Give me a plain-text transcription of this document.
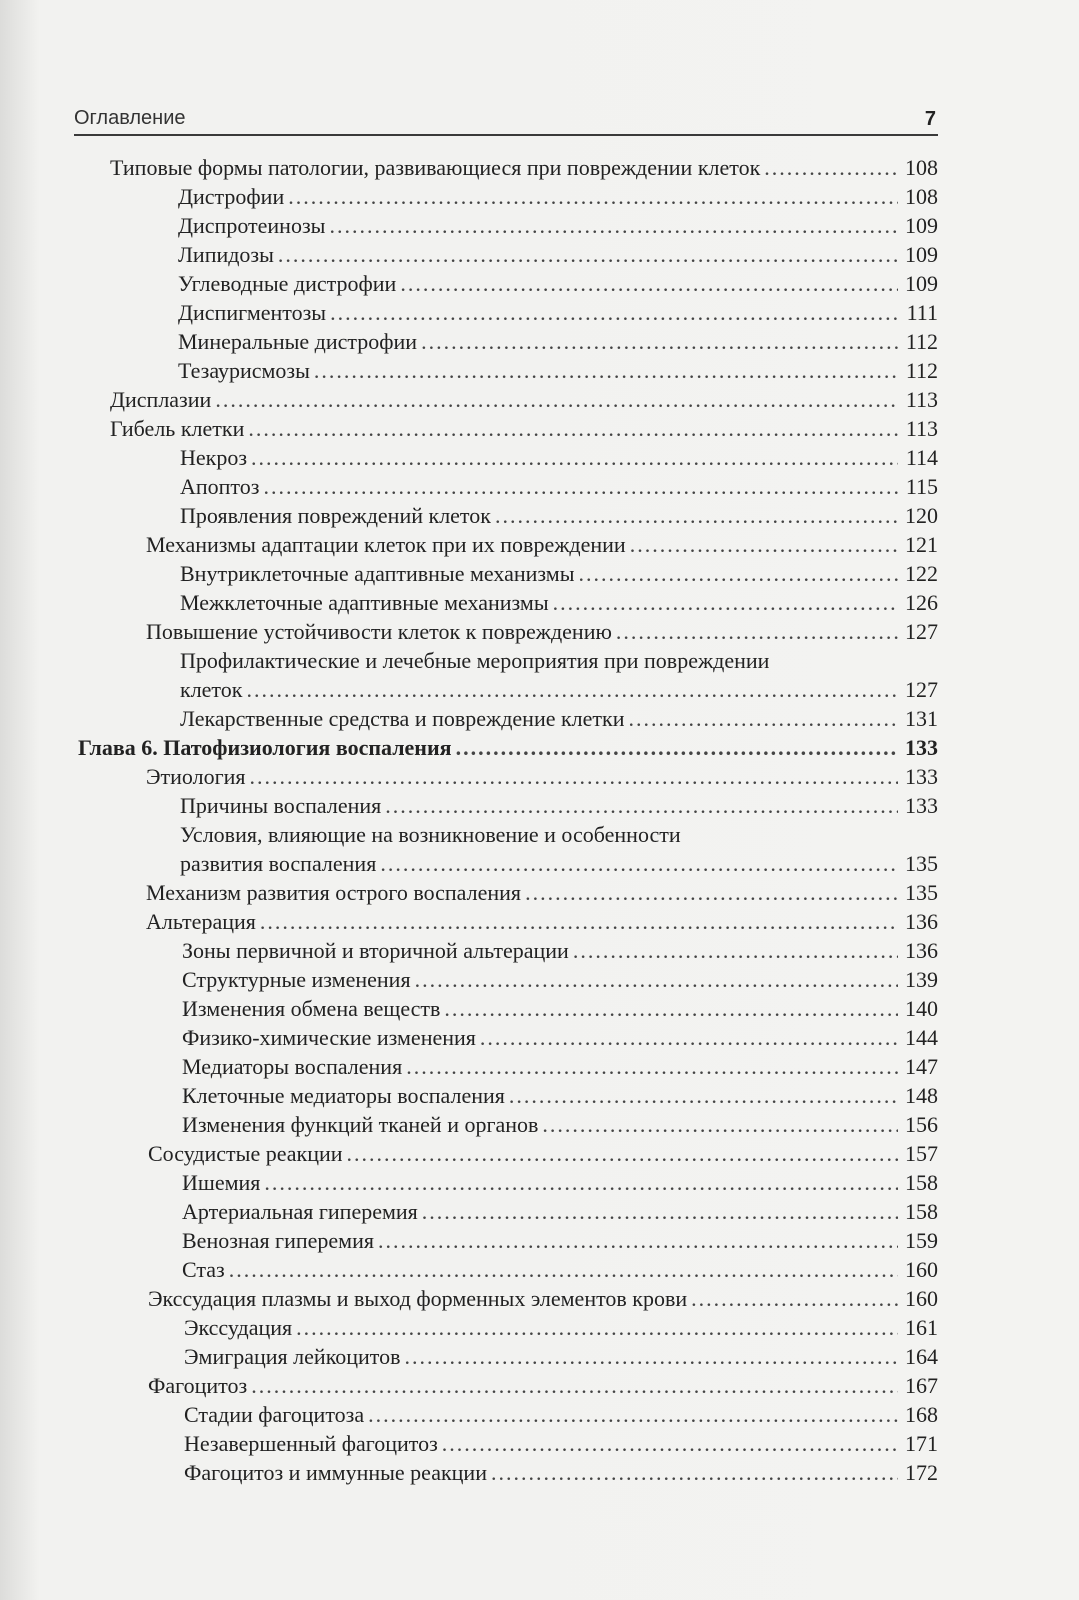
Оглавление	7
Типовые формы патологии, развивающиеся при повреждении клеток .....	108
Дистрофии .....	108
Диспротеинозы .....	109
Липидозы .....	109
Углеводные дистрофии .....	109
Диспигментозы .....	111
Минеральные дистрофии .....	112
Тезаурисмозы .....	112
Дисплазии .....	113
Гибель клетки .....	113
Некроз .....	114
Апоптоз .....	115
Проявления повреждений клеток .....	120
Механизмы адаптации клеток при их повреждении .....	121
Внутриклеточные адаптивные механизмы .....	122
Межклеточные адаптивные механизмы .....	126
Повышение устойчивости клеток к повреждению .....	127
Профилактические и лечебные мероприятия при повреждении
клеток .....	127
Лекарственные средства и повреждение клетки .....	131
Глава 6. Патофизиология воспаления .....	133
Этиология .....	133
Причины воспаления .....	133
Условия, влияющие на возникновение и особенности
развития воспаления .....	135
Механизм развития острого воспаления .....	135
Альтерация .....	136
Зоны первичной и вторичной альтерации .....	136
Структурные изменения .....	139
Изменения обмена веществ .....	140
Физико-химические изменения .....	144
Медиаторы воспаления .....	147
Клеточные медиаторы воспаления .....	148
Изменения функций тканей и органов .....	156
Сосудистые реакции .....	157
Ишемия .....	158
Артериальная гиперемия .....	158
Венозная гиперемия .....	159
Стаз .....	160
Экссудация плазмы и выход форменных элементов крови .....	160
Экссудация .....	161
Эмиграция лейкоцитов .....	164
Фагоцитоз .....	167
Стадии фагоцитоза .....	168
Незавершенный фагоцитоз .....	171
Фагоцитоз и иммунные реакции .....	172
